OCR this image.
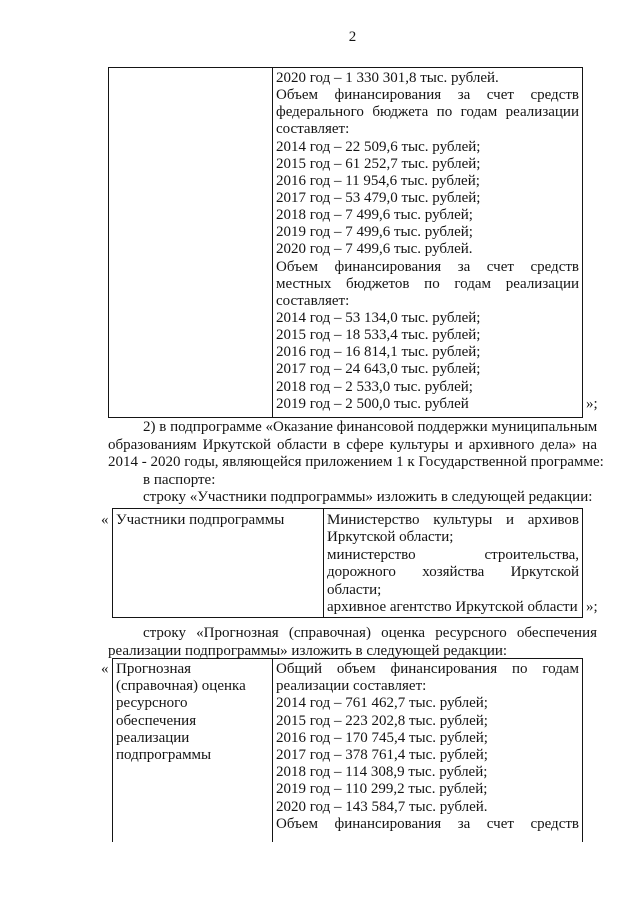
2
2020 год – 1 330 301,8 тыс. рублей.
Объем финансирования за счет средств
федерального бюджета по годам реализации
составляет:
2014 год – 22 509,6 тыс. рублей;
2015 год – 61 252,7 тыс. рублей;
2016 год – 11 954,6 тыс. рублей;
2017 год – 53 479,0 тыс. рублей;
2018 год – 7 499,6 тыс. рублей;
2019 год – 7 499,6 тыс. рублей;
2020 год – 7 499,6 тыс. рублей.
Объем финансирования за счет средств
местных бюджетов по годам реализации
составляет:
2014 год – 53 134,0 тыс. рублей;
2015 год – 18 533,4 тыс. рублей;
2016 год – 16 814,1 тыс. рублей;
2017 год – 24 643,0 тыс. рублей;
2018 год – 2 533,0 тыс. рублей;
2019 год – 2 500,0 тыс. рублей	»;
2) в подпрограмме «Оказание финансовой поддержки муниципальным
образованиям Иркутской области в сфере культуры и архивного дела» на
2014 - 2020 годы, являющейся приложением 1 к Государственной программе:
в паспорте:
строку «Участники подпрограммы» изложить в следующей редакции:
« Участники подпрограммы	Министерство культуры и архивов
Иркутской области;
министерство строительства,
дорожного хозяйства Иркутской
области;
архивное агентство Иркутской области »;
строку «Прогнозная (справочная) оценка ресурсного обеспечения
реализации подпрограммы» изложить в следующей редакции:
« Прогнозная
(справочная) оценка
ресурсного
обеспечения
реализации
подпрограммы
Общий объем финансирования по годам
реализации составляет:
2014 год – 761 462,7 тыс. рублей;
2015 год – 223 202,8 тыс. рублей;
2016 год – 170 745,4 тыс. рублей;
2017 год – 378 761,4 тыс. рублей;
2018 год – 114 308,9 тыс. рублей;
2019 год – 110 299,2 тыс. рублей;
2020 год – 143 584,7 тыс. рублей.
Объем финансирования за счет средств
